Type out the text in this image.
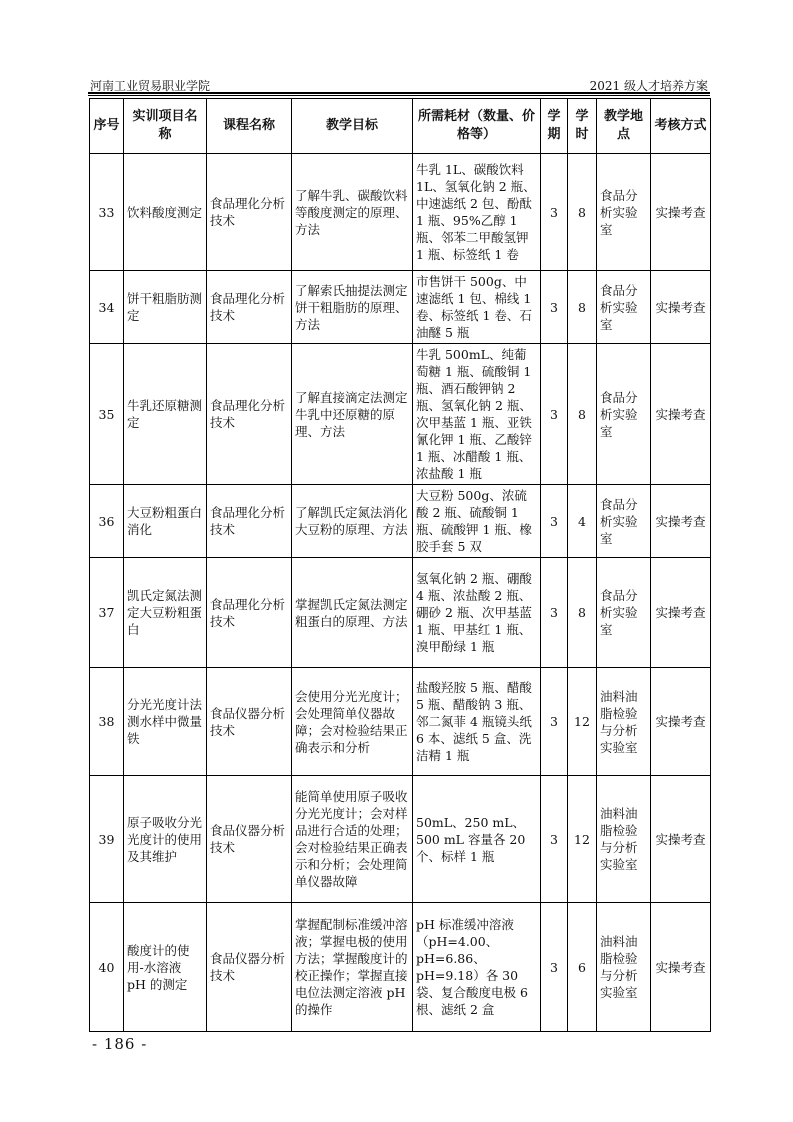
河南工业贸易职业学院	2021 级人才培养方案
序号	实训项目名称	课程名称	教学目标	所需耗材（数量、价格等）	学期	学时	教学地点	考核方式
33	饮料酸度测定	食品理化分析技术	了解牛乳、碳酸饮料等酸度测定的原理、方法	牛乳 1L、碳酸饮料 1L、氢氧化钠 2 瓶、中速滤纸 2 包、酚酞 1 瓶、95%乙醇 1 瓶、邻苯二甲酸氢钾 1 瓶、标签纸 1 卷	3	8	食品分析实验室	实操考查
34	饼干粗脂肪测定	食品理化分析技术	了解索氏抽提法测定饼干粗脂肪的原理、方法	市售饼干 500g、中速滤纸 1 包、棉线 1 卷、标签纸 1 卷、石油醚 5 瓶	3	8	食品分析实验室	实操考查
35	牛乳还原糖测定	食品理化分析技术	了解直接滴定法测定牛乳中还原糖的原理、方法	牛乳 500mL、纯葡萄糖 1 瓶、硫酸铜 1 瓶、酒石酸钾钠 2 瓶、氢氧化钠 2 瓶、次甲基蓝 1 瓶、亚铁氰化钾 1 瓶、乙酸锌 1 瓶、冰醋酸 1 瓶、浓盐酸 1 瓶	3	8	食品分析实验室	实操考查
36	大豆粉粗蛋白消化	食品理化分析技术	了解凯氏定氮法消化大豆粉的原理、方法	大豆粉 500g、浓硫酸 2 瓶、硫酸铜 1 瓶、硫酸钾 1 瓶、橡胶手套 5 双	3	4	食品分析实验室	实操考查
37	凯氏定氮法测定大豆粉粗蛋白	食品理化分析技术	掌握凯氏定氮法测定粗蛋白的原理、方法	氢氧化钠 2 瓶、硼酸 4 瓶、浓盐酸 2 瓶、硼砂 2 瓶、次甲基蓝 1 瓶、甲基红 1 瓶、溴甲酚绿 1 瓶	3	8	食品分析实验室	实操考查
38	分光光度计法测水样中微量铁	食品仪器分析技术	会使用分光光度计；会处理简单仪器故障；会对检验结果正确表示和分析	盐酸羟胺 5 瓶、醋酸 5 瓶、醋酸钠 3 瓶、邻二氮菲 4 瓶镜头纸 6 本、滤纸 5 盒、洗洁精 1 瓶	3	12	油料油脂检验与分析实验室	实操考查
39	原子吸收分光光度计的使用及其维护	食品仪器分析技术	能简单使用原子吸收分光光度计；会对样品进行合适的处理；会对检验结果正确表示和分析；会处理简单仪器故障	50mL、250 mL、500 mL 容量各 20 个、标样 1 瓶	3	12	油料油脂检验与分析实验室	实操考查
40	酸度计的使用-水溶液 pH 的测定	食品仪器分析技术	掌握配制标准缓冲溶液；掌握电极的使用方法；掌握酸度计的校正操作；掌握直接电位法测定溶液 pH 的操作	pH 标准缓冲溶液（pH=4.00、pH=6.86、pH=9.18）各 30 袋、复合酸度电极 6 根、滤纸 2 盒	3	6	油料油脂检验与分析实验室	实操考查
- 186 -
